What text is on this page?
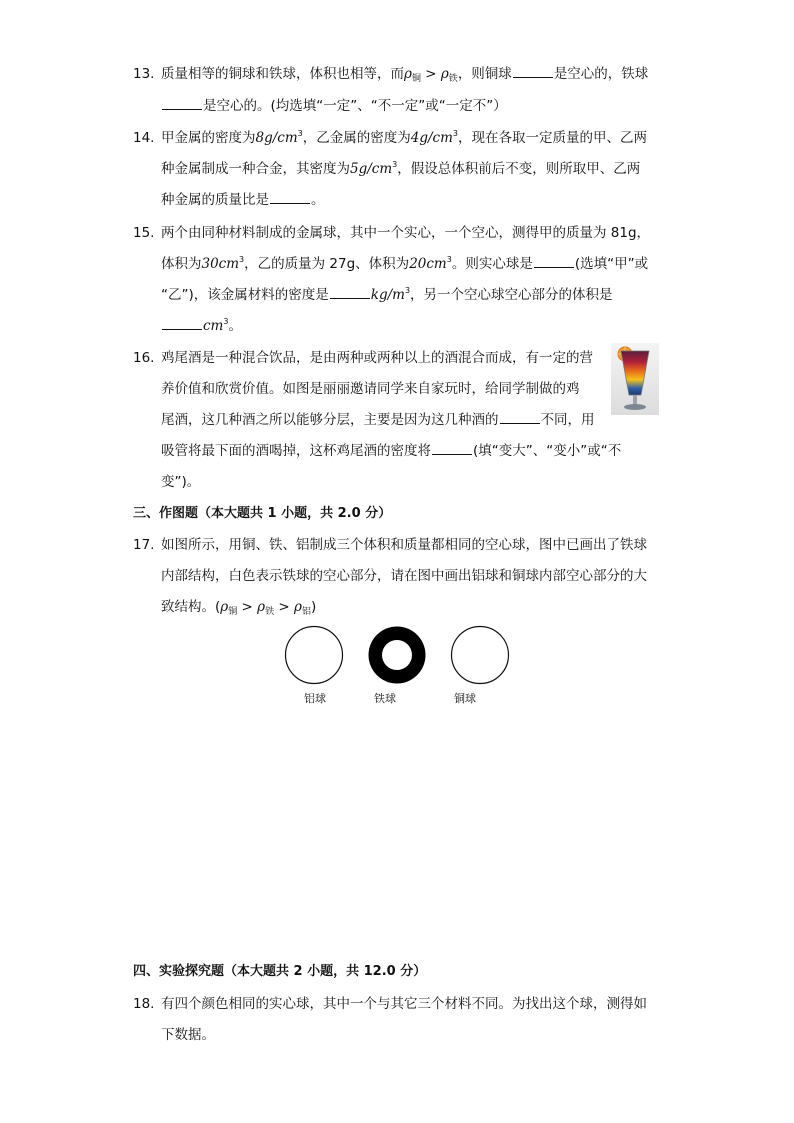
13. 质量相等的铜球和铁球，体积也相等，而$\rho_铜 > \rho_铁$，则铜球	是空心的，铁球
是空心的。(均选填“一定”、“不一定”或“一定不”）
14. 甲金属的密度为$8g/cm^3$，乙金属的密度为$4g/cm^3$，现在各取一定质量的甲、乙两
种金属制成一种合金，其密度为$5g/cm^3$，假设总体积前后不变，则所取甲、乙两
种金属的质量比是	。
15. 两个由同种材料制成的金属球，其中一个实心，一个空心，测得甲的质量为 81g，
体积为$30cm^3$，乙的质量为 27g、体积为$20cm^3$。则实心球是	(选填“甲”或
“乙”)，该金属材料的密度是	$kg/m^3$，另一个空心球空心部分的体积是
$cm^3$。
16. 鸡尾酒是一种混合饮品，是由两种或两种以上的酒混合而成，有一定的营
养价值和欣赏价值。如图是丽丽邀请同学来自家玩时，给同学制做的鸡
尾酒，这几种酒之所以能够分层，主要是因为这几种酒的	不同，用
吸管将最下面的酒喝掉，这杯鸡尾酒的密度将	(填“变大”、“变小”或“不
变”)。
三、作图题（本大题共 1 小题，共 2.0 分）
17. 如图所示，用铜、铁、铝制成三个体积和质量都相同的空心球，图中已画出了铁球
内部结构，白色表示铁球的空心部分，请在图中画出铝球和铜球内部空心部分的大
致结构。$(\rho_铜 > \rho_铁 > \rho_铝)$
铝球	铁球	铜球
四、实验探究题（本大题共 2 小题，共 12.0 分）
18. 有四个颜色相同的实心球，其中一个与其它三个材料不同。为找出这个球，测得如
下数据。
